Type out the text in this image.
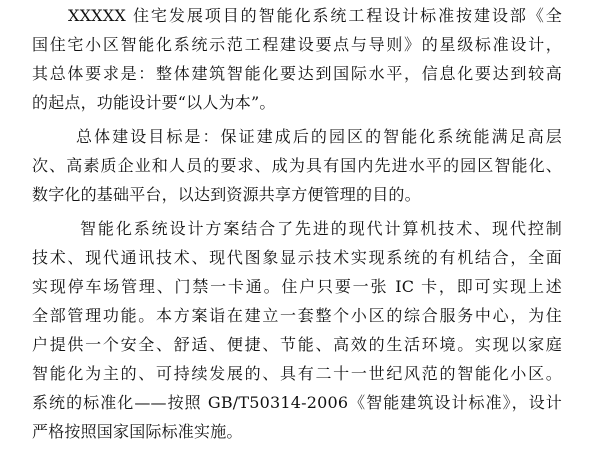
XXXXX 住宅发展项目的智能化系统工程设计标准按建设部《全
国住宅小区智能化系统示范工程建设要点与导则》的星级标准设计，
其总体要求是：整体建筑智能化要达到国际水平，信息化要达到较高
的起点，功能设计要“以人为本”。
总体建设目标是：保证建成后的园区的智能化系统能满足高层
次、高素质企业和人员的要求、成为具有国内先进水平的园区智能化、
数字化的基础平台，以达到资源共享方便管理的目的。
智能化系统设计方案结合了先进的现代计算机技术、现代控制
技术、现代通讯技术、现代图象显示技术实现系统的有机结合，全面
实现停车场管理、门禁一卡通。住户只要一张 IC 卡，即可实现上述
全部管理功能。本方案诣在建立一套整个小区的综合服务中心，为住
户提供一个安全、舒适、便捷、节能、高效的生活环境。实现以家庭
智能化为主的、可持续发展的、具有二十一世纪风范的智能化小区。
系统的标准化——按照 GB/T50314-2006《智能建筑设计标准》，设计
严格按照国家国际标准实施。
